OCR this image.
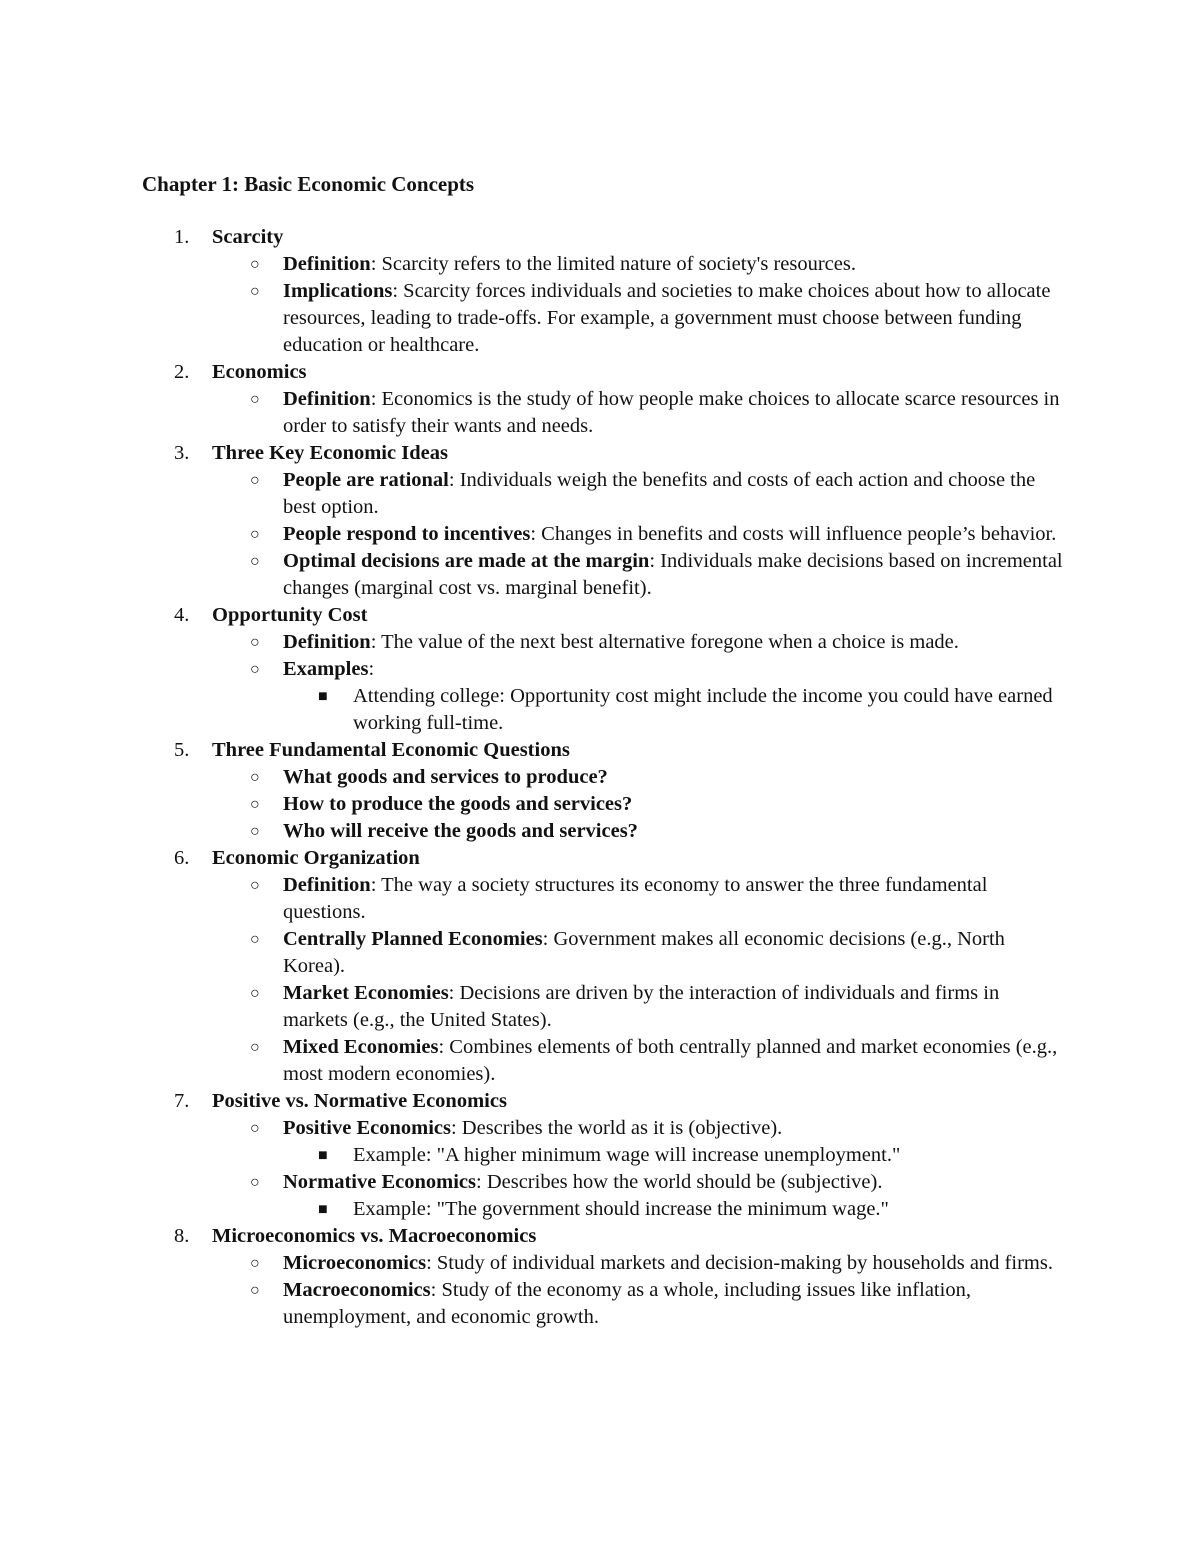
Chapter 1: Basic Economic Concepts
1. Scarcity
○ Definition: Scarcity refers to the limited nature of society's resources.
○ Implications: Scarcity forces individuals and societies to make choices about how to allocate resources, leading to trade-offs. For example, a government must choose between funding education or healthcare.
2. Economics
○ Definition: Economics is the study of how people make choices to allocate scarce resources in order to satisfy their wants and needs.
3. Three Key Economic Ideas
○ People are rational: Individuals weigh the benefits and costs of each action and choose the best option.
○ People respond to incentives: Changes in benefits and costs will influence people’s behavior.
○ Optimal decisions are made at the margin: Individuals make decisions based on incremental changes (marginal cost vs. marginal benefit).
4. Opportunity Cost
○ Definition: The value of the next best alternative foregone when a choice is made.
○ Examples:
■ Attending college: Opportunity cost might include the income you could have earned working full-time.
5. Three Fundamental Economic Questions
○ What goods and services to produce?
○ How to produce the goods and services?
○ Who will receive the goods and services?
6. Economic Organization
○ Definition: The way a society structures its economy to answer the three fundamental questions.
○ Centrally Planned Economies: Government makes all economic decisions (e.g., North Korea).
○ Market Economies: Decisions are driven by the interaction of individuals and firms in markets (e.g., the United States).
○ Mixed Economies: Combines elements of both centrally planned and market economies (e.g., most modern economies).
7. Positive vs. Normative Economics
○ Positive Economics: Describes the world as it is (objective).
■ Example: "A higher minimum wage will increase unemployment."
○ Normative Economics: Describes how the world should be (subjective).
■ Example: "The government should increase the minimum wage."
8. Microeconomics vs. Macroeconomics
○ Microeconomics: Study of individual markets and decision-making by households and firms.
○ Macroeconomics: Study of the economy as a whole, including issues like inflation, unemployment, and economic growth.
